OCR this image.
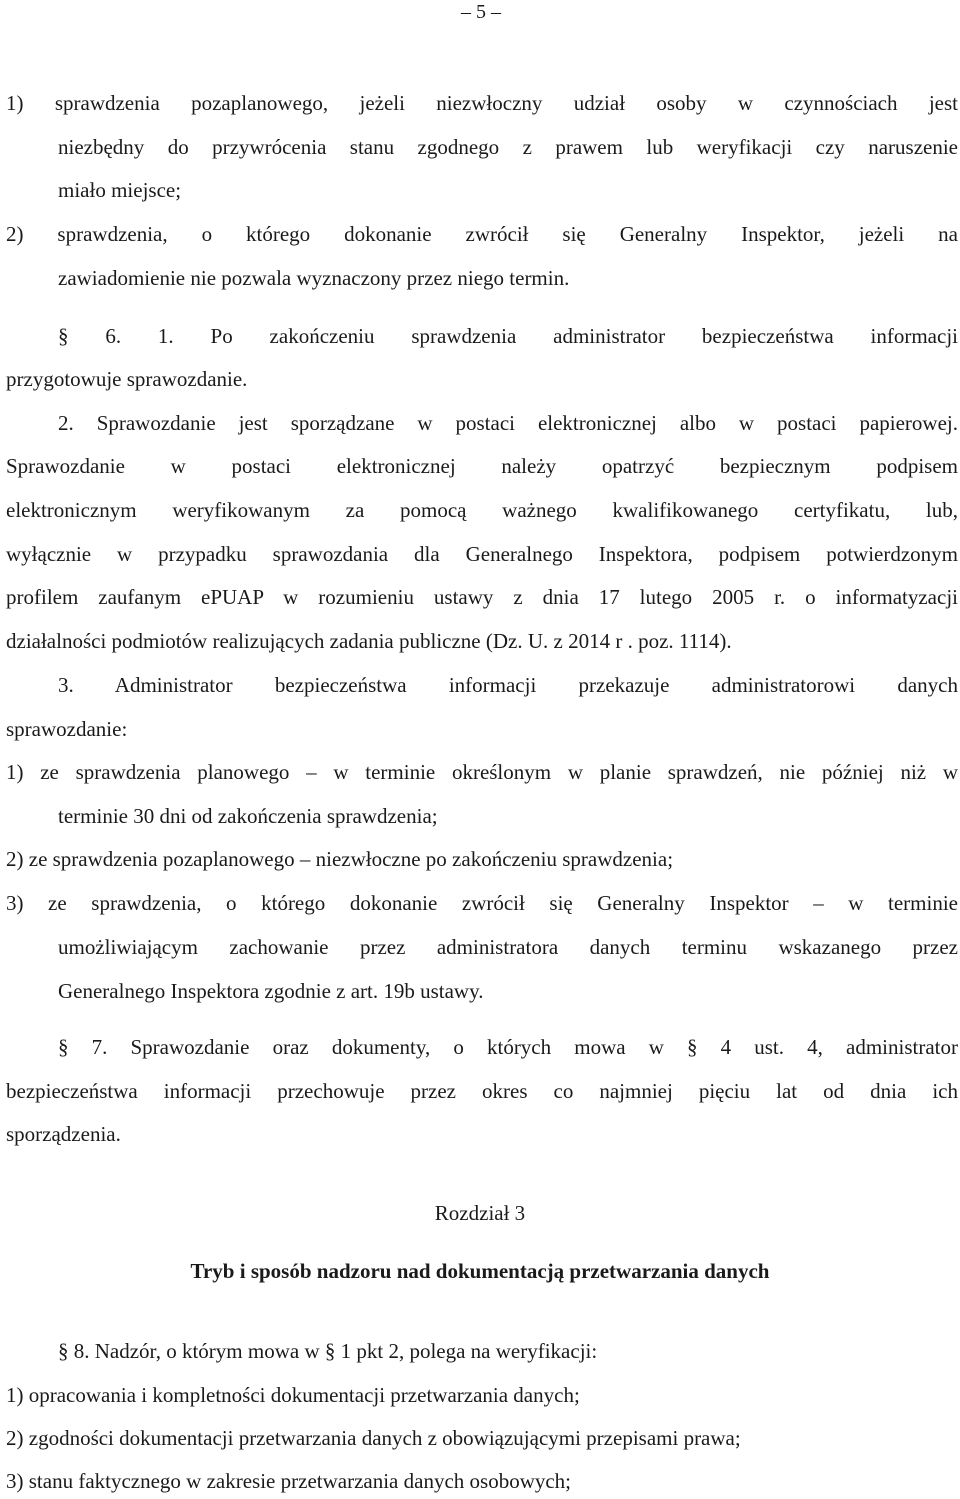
– 5 –
1) sprawdzenia pozaplanowego, jeżeli niezwłoczny udział osoby w czynnościach jest
niezbędny do przywrócenia stanu zgodnego z prawem lub weryfikacji czy naruszenie
miało miejsce;
2) sprawdzenia, o którego dokonanie zwrócił się Generalny Inspektor, jeżeli na
zawiadomienie nie pozwala wyznaczony przez niego termin.
§ 6. 1. Po zakończeniu sprawdzenia administrator bezpieczeństwa informacji
przygotowuje sprawozdanie.
2. Sprawozdanie jest sporządzane w postaci elektronicznej albo w postaci papierowej.
Sprawozdanie w postaci elektronicznej należy opatrzyć bezpiecznym podpisem
elektronicznym weryfikowanym za pomocą ważnego kwalifikowanego certyfikatu, lub,
wyłącznie w przypadku sprawozdania dla Generalnego Inspektora, podpisem potwierdzonym
profilem zaufanym ePUAP w rozumieniu ustawy z dnia 17 lutego 2005 r. o informatyzacji
działalności podmiotów realizujących zadania publiczne (Dz. U. z 2014 r . poz. 1114).
3. Administrator bezpieczeństwa informacji przekazuje administratorowi danych
sprawozdanie:
1) ze sprawdzenia planowego – w terminie określonym w planie sprawdzeń, nie później niż w
terminie 30 dni od zakończenia sprawdzenia;
2) ze sprawdzenia pozaplanowego – niezwłoczne po zakończeniu sprawdzenia;
3) ze sprawdzenia, o którego dokonanie zwrócił się Generalny Inspektor – w terminie
umożliwiającym zachowanie przez administratora danych terminu wskazanego przez
Generalnego Inspektora zgodnie z art. 19b ustawy.
§ 7. Sprawozdanie oraz dokumenty, o których mowa w § 4 ust. 4, administrator
bezpieczeństwa informacji przechowuje przez okres co najmniej pięciu lat od dnia ich
sporządzenia.
Rozdział 3
Tryb i sposób nadzoru nad dokumentacją przetwarzania danych
§ 8. Nadzór, o którym mowa w § 1 pkt 2, polega na weryfikacji:
1) opracowania i kompletności dokumentacji przetwarzania danych;
2) zgodności dokumentacji przetwarzania danych z obowiązującymi przepisami prawa;
3) stanu faktycznego w zakresie przetwarzania danych osobowych;
